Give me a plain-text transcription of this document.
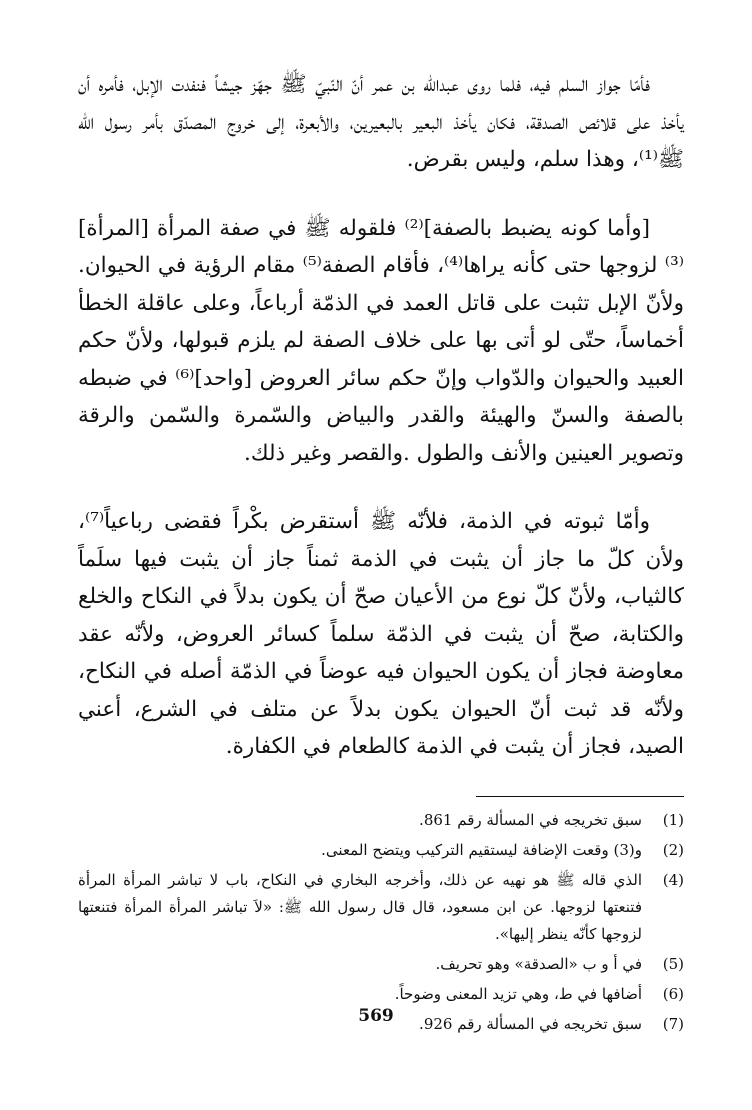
فأمّا جواز السلم فيه، فلما روى عبدالله بن عمر أنّ النّبيّ ﷺ جهّز جيشاً فنفدت الإبل، فأمره أن يأخذ على قلائص الصدقة، فكان يأخذ البعير بالبعيرين، والأبعرة، إلى خروج المصدّق بأمر رسول الله ﷺ⁽¹⁾، وهذا سلم، وليس بقرض.

[وأما كونه يضبط بالصفة]⁽²⁾ فلقوله ﷺ في صفة المرأة [المرأة]⁽³⁾ لزوجها حتى كأنه يراها⁽⁴⁾، فأقام الصفة⁽⁵⁾ مقام الرؤية في الحيوان. ولأنّ الإبل تثبت على قاتل العمد في الذمّة أرباعاً، وعلى عاقلة الخطأ أخماساً، حتّى لو أتى بها على خلاف الصفة لم يلزم قبولها، ولأنّ حكم العبيد والحيوان والدّواب وإنّ حكم سائر العروض [واحد]⁽⁶⁾ في ضبطه بالصفة والسنّ والهيئة والقدر والبياض والسّمرة والسّمن والرقة وتصوير العينين والأنف والطول .والقصر وغير ذلك.

وأمّا ثبوته في الذمة، فلأنّه ﷺ أستقرض بكْراً فقضى رباعياً⁽⁷⁾، ولأن كلّ ما جاز أن يثبت في الذمة ثمناً جاز أن يثبت فيها سلَماً كالثياب، ولأنّ كلّ نوع من الأعيان صحّ أن يكون بدلاً في النكاح والخلع والكتابة، صحّ أن يثبت في الذمّة سلماً كسائر العروض، ولأنّه عقد معاوضة فجاز أن يكون الحيوان فيه عوضاً في الذمّة أصله في النكاح، ولأنّه قد ثبت أنّ الحيوان يكون بدلاً عن متلف في الشرع، أعني الصيد، فجاز أن يثبت في الذمة كالطعام في الكفارة.

(1)
سبق تخريجه في المسألة رقم 861.
(2)
و(3) وقعت الإضافة ليستقيم التركيب ويتضح المعنى.
(4)
الذي قاله ﷺ هو نهيه عن ذلك، وأخرجه البخاري في النكاح، باب لا تباشر المرأة المرأة فتنعتها لزوجها. عن ابن مسعود، قال قال رسول الله ﷺ: «لاَ تباشر المرأة المرأة فتنعتها لزوجها كأنّه ينظر إليها».
(5)
في أ و ب «الصدقة» وهو تحريف.
(6)
أضافها في ط، وهي تزيد المعنى وضوحاً.
(7)
سبق تخريجه في المسألة رقم 926.
569
